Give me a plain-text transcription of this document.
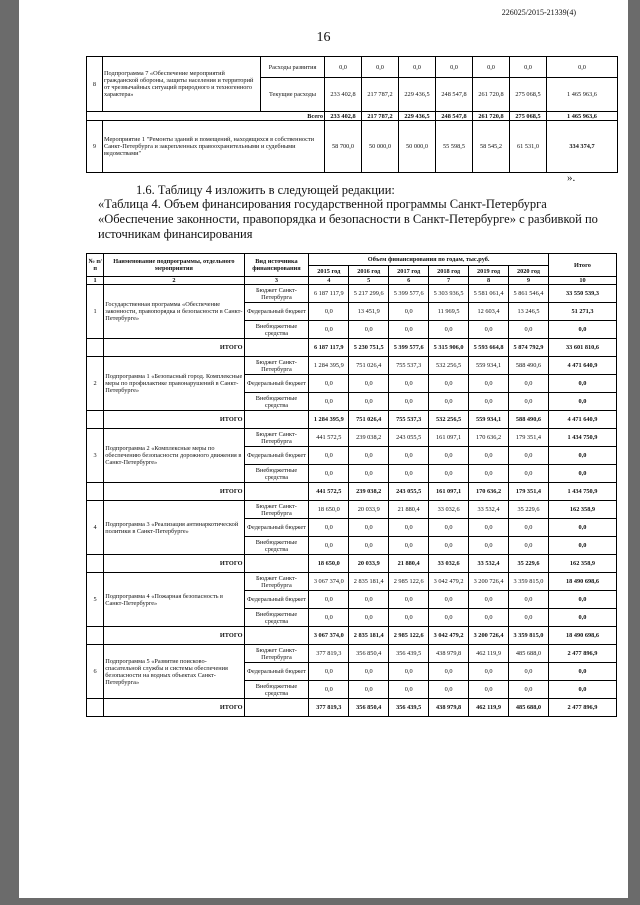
226025/2015-21339(4)
16
8	Подпрограмма 7 «Обеспечение мероприятий гражданской обороны, защиты населения и территорий от чрезвычайных ситуаций природного и техногенного характера»	Расходы развития	0,0	0,0	0,0	0,0	0,0	0,0	0,0
		Текущие расходы	233 402,8	217 787,2	229 436,5	248 547,8	261 720,8	275 068,5	1 465 963,6
Всего			233 402,8	217 787,2	229 436,5	248 547,8	261 720,8	275 068,5	1 465 963,6
9	Мероприятие 1 "Ремонты зданий и помещений, находящихся в собственности Санкт-Петербурга и закрепленных правоохранительными и судебными ведомствами"		58 700,0	50 000,0	50 000,0	55 598,5	58 545,2	61 531,0	334 374,7
».
1.6. Таблицу 4 изложить в следующей редакции:
«Таблица 4. Объем финансирования государственной программы Санкт-Петербурга «Обеспечение законности, правопорядка и безопасности в Санкт-Петербурге» с разбивкой по источникам финансирования
№ п/п	Наименование подпрограммы, отдельного мероприятия	Вид источника финансирования	Объем финансирования по годам, тыс.руб.						Итого
			2015 год	2016 год	2017 год	2018 год	2019 год	2020 год	
1	2	3	4	5	6	7	8	9	10
1	Государственная программа «Обеспечение законности, правопорядка и безопасности в Санкт-Петербурге»	Бюджет Санкт-Петербурга	6 187 117,9	5 217 299,6	5 399 577,6	5 303 936,5	5 581 061,4	5 861 546,4	33 550 539,3
		Федеральный бюджет	0,0	13 451,9	0,0	11 969,5	12 603,4	13 246,5	51 271,3
		Внебюджетные средства	0,0	0,0	0,0	0,0	0,0	0,0	0,0
	ИТОГО		6 187 117,9	5 230 751,5	5 399 577,6	5 315 906,0	5 593 664,8	5 874 792,9	33 601 810,6
2	Подпрограмма 1 «Безопасный город. Комплексные меры по профилактике правонарушений в Санкт-Петербурге»	Бюджет Санкт-Петербурга	1 284 395,9	751 026,4	755 537,3	532 256,5	559 934,1	588 490,6	4 471 640,9
		Федеральный бюджет	0,0	0,0	0,0	0,0	0,0	0,0	0,0
		Внебюджетные средства	0,0	0,0	0,0	0,0	0,0	0,0	0,0
	ИТОГО		1 284 395,9	751 026,4	755 537,3	532 256,5	559 934,1	588 490,6	4 471 640,9
3	Подпрограмма 2 «Комплексные меры по обеспечению безопасности дорожного движения в Санкт-Петербурге»	Бюджет Санкт-Петербурга	441 572,5	239 038,2	243 055,5	161 097,1	170 636,2	179 351,4	1 434 750,9
		Федеральный бюджет	0,0	0,0	0,0	0,0	0,0	0,0	0,0
		Внебюджетные средства	0,0	0,0	0,0	0,0	0,0	0,0	0,0
	ИТОГО		441 572,5	239 038,2	243 055,5	161 097,1	170 636,2	179 351,4	1 434 750,9
4	Подпрограмма 3 «Реализация антинаркотической политики в Санкт-Петербурге»	Бюджет Санкт-Петербурга	18 650,0	20 033,9	21 880,4	33 032,6	33 532,4	35 229,6	162 358,9
		Федеральный бюджет	0,0	0,0	0,0	0,0	0,0	0,0	0,0
		Внебюджетные средства	0,0	0,0	0,0	0,0	0,0	0,0	0,0
	ИТОГО		18 650,0	20 033,9	21 880,4	33 032,6	33 532,4	35 229,6	162 358,9
5	Подпрограмма 4 «Пожарная безопасность в Санкт-Петербурге»	Бюджет Санкт-Петербурга	3 067 374,0	2 835 181,4	2 985 122,6	3 042 479,2	3 200 726,4	3 359 815,0	18 490 698,6
		Федеральный бюджет	0,0	0,0	0,0	0,0	0,0	0,0	0,0
		Внебюджетные средства	0,0	0,0	0,0	0,0	0,0	0,0	0,0
	ИТОГО		3 067 374,0	2 835 181,4	2 985 122,6	3 042 479,2	3 200 726,4	3 359 815,0	18 490 698,6
6	Подпрограмма 5 «Развитие поисково-спасательной службы и системы обеспечения безопасности на водных объектах Санкт-Петербурга»	Бюджет Санкт-Петербурга	377 819,3	356 850,4	356 439,5	438 979,8	462 119,9	485 688,0	2 477 896,9
		Федеральный бюджет	0,0	0,0	0,0	0,0	0,0	0,0	0,0
		Внебюджетные средства	0,0	0,0	0,0	0,0	0,0	0,0	0,0
	ИТОГО		377 819,3	356 850,4	356 439,5	438 979,8	462 119,9	485 688,0	2 477 896,9
